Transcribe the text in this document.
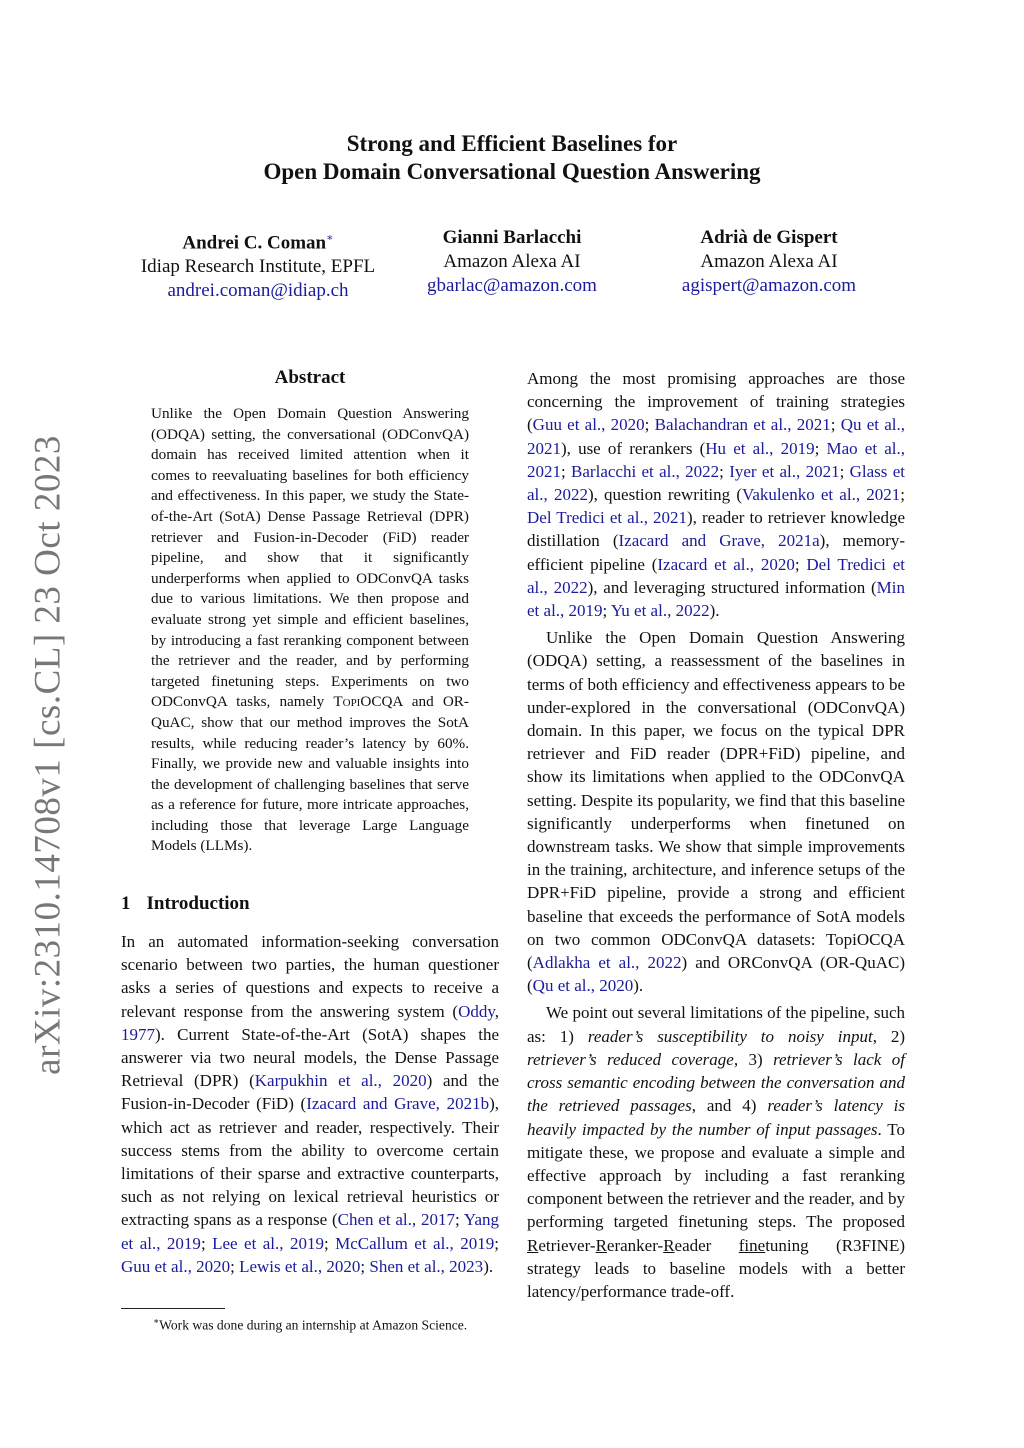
arXiv:2310.14708v1 [cs.CL] 23 Oct 2023
Strong and Efficient Baselines for
Open Domain Conversational Question Answering
Andrei C. Coman∗
Idiap Research Institute, EPFL
andrei.coman@idiap.ch
Gianni Barlacchi
Amazon Alexa AI
gbarlac@amazon.com
Adrià de Gispert
Amazon Alexa AI
agispert@amazon.com
Abstract
Unlike the Open Domain Question Answering (ODQA) setting, the conversational (ODConvQA) domain has received limited attention when it comes to reevaluating baselines for both efficiency and effectiveness. In this paper, we study the State-of-the-Art (SotA) Dense Passage Retrieval (DPR) retriever and Fusion-in-Decoder (FiD) reader pipeline, and show that it significantly underperforms when applied to ODConvQA tasks due to various limitations. We then propose and evaluate strong yet simple and efficient baselines, by introducing a fast reranking component between the retriever and the reader, and by performing targeted finetuning steps. Experiments on two ODConvQA tasks, namely TopiOCQA and OR-QuAC, show that our method improves the SotA results, while reducing reader’s latency by 60%. Finally, we provide new and valuable insights into the development of challenging baselines that serve as a reference for future, more intricate approaches, including those that leverage Large Language Models (LLMs).
1 Introduction

In an automated information-seeking conversation scenario between two parties, the human questioner asks a series of questions and expects to receive a relevant response from the answering system (Oddy, 1977). Current State-of-the-Art (SotA) shapes the answerer via two neural models, the Dense Passage Retrieval (DPR) (Karpukhin et al., 2020) and the Fusion-in-Decoder (FiD) (Izacard and Grave, 2021b), which act as retriever and reader, respectively. Their success stems from the ability to overcome certain limitations of their sparse and extractive counterparts, such as not relying on lexical retrieval heuristics or extracting spans as a response (Chen et al., 2017; Yang et al., 2019; Lee et al., 2019; McCallum et al., 2019; Guu et al., 2020; Lewis et al., 2020; Shen et al., 2023).

∗Work was done during an internship at Amazon Science.

Among the most promising approaches are those concerning the improvement of training strategies (Guu et al., 2020; Balachandran et al., 2021; Qu et al., 2021), use of rerankers (Hu et al., 2019; Mao et al., 2021; Barlacchi et al., 2022; Iyer et al., 2021; Glass et al., 2022), question rewriting (Vakulenko et al., 2021; Del Tredici et al., 2021), reader to retriever knowledge distillation (Izacard and Grave, 2021a), memory-efficient pipeline (Izacard et al., 2020; Del Tredici et al., 2022), and leveraging structured information (Min et al., 2019; Yu et al., 2022).

Unlike the Open Domain Question Answering (ODQA) setting, a reassessment of the baselines in terms of both efficiency and effectiveness appears to be under-explored in the conversational (ODConvQA) domain. In this paper, we focus on the typical DPR retriever and FiD reader (DPR+FiD) pipeline, and show its limitations when applied to the ODConvQA setting. Despite its popularity, we find that this baseline significantly underperforms when finetuned on downstream tasks. We show that simple improvements in the training, architecture, and inference setups of the DPR+FiD pipeline, provide a strong and efficient baseline that exceeds the performance of SotA models on two common ODConvQA datasets: TopiOCQA (Adlakha et al., 2022) and ORConvQA (OR-QuAC) (Qu et al., 2020).

We point out several limitations of the pipeline, such as: 1) reader’s susceptibility to noisy input, 2) retriever’s reduced coverage, 3) retriever’s lack of cross semantic encoding between the conversation and the retrieved passages, and 4) reader’s latency is heavily impacted by the number of input passages. To mitigate these, we propose and evaluate a simple and effective approach by including a fast reranking component between the retriever and the reader, and by performing targeted finetuning steps. The proposed Retriever-Reranker-Reader finetuning (R3FINE) strategy leads to baseline models with a better latency/performance trade-off.
